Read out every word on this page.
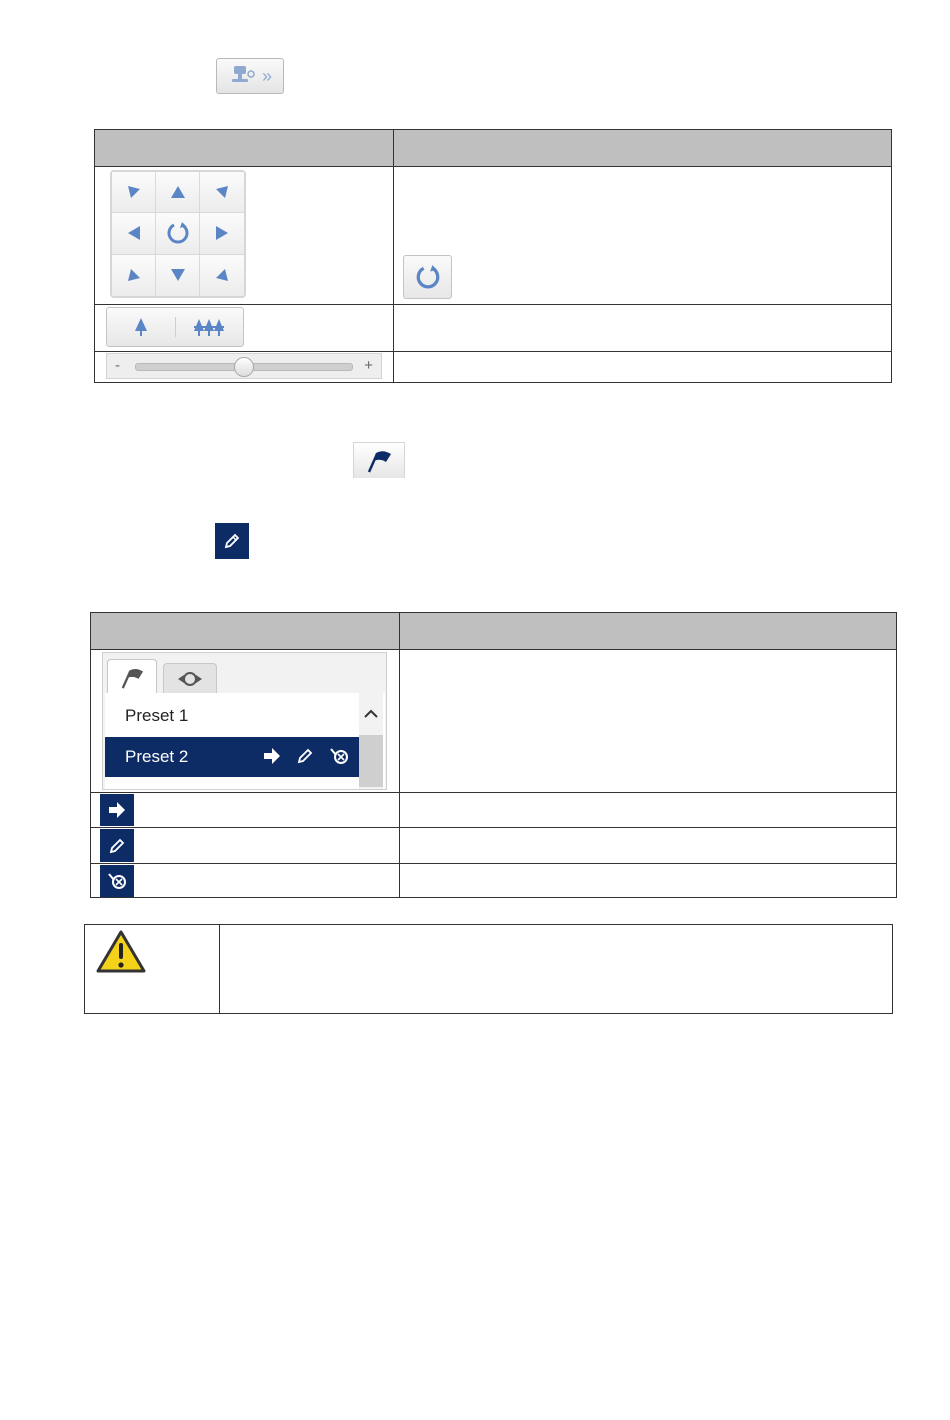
»

-	+

Preset 1
Preset 2
